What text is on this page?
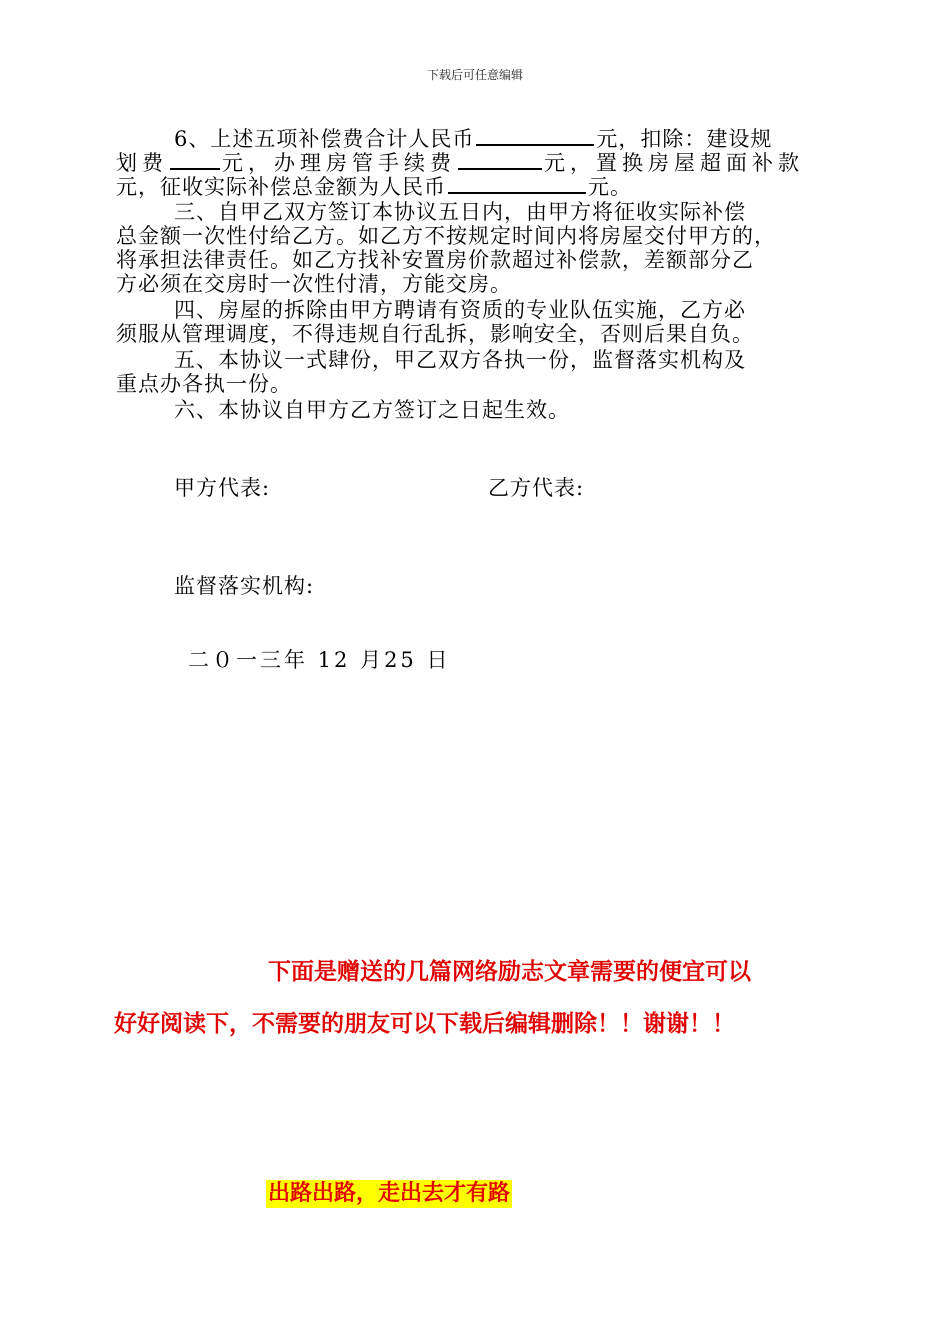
下载后可任意编辑
6、上述五项补偿费合计人民币	元，扣除：建设规
划费	元，办理房管手续费	元，置换房屋超面补款
元，征收实际补偿总金额为人民币	元。
三、自甲乙双方签订本协议五日内，由甲方将征收实际补偿
总金额一次性付给乙方。如乙方不按规定时间内将房屋交付甲方的，
将承担法律责任。如乙方找补安置房价款超过补偿款，差额部分乙
方必须在交房时一次性付清，方能交房。
四、房屋的拆除由甲方聘请有资质的专业队伍实施，乙方必
须服从管理调度，不得违规自行乱拆，影响安全，否则后果自负。
五、本协议一式肆份，甲乙双方各执一份，监督落实机构及
重点办各执一份。
六、本协议自甲方乙方签订之日起生效。
甲方代表:	乙方代表:
监督落实机构:
二０一三年 12 月25 日
下面是赠送的几篇网络励志文章需要的便宜可以
好好阅读下，不需要的朋友可以下载后编辑删除！！谢谢！！
出路出路，走出去才有路
